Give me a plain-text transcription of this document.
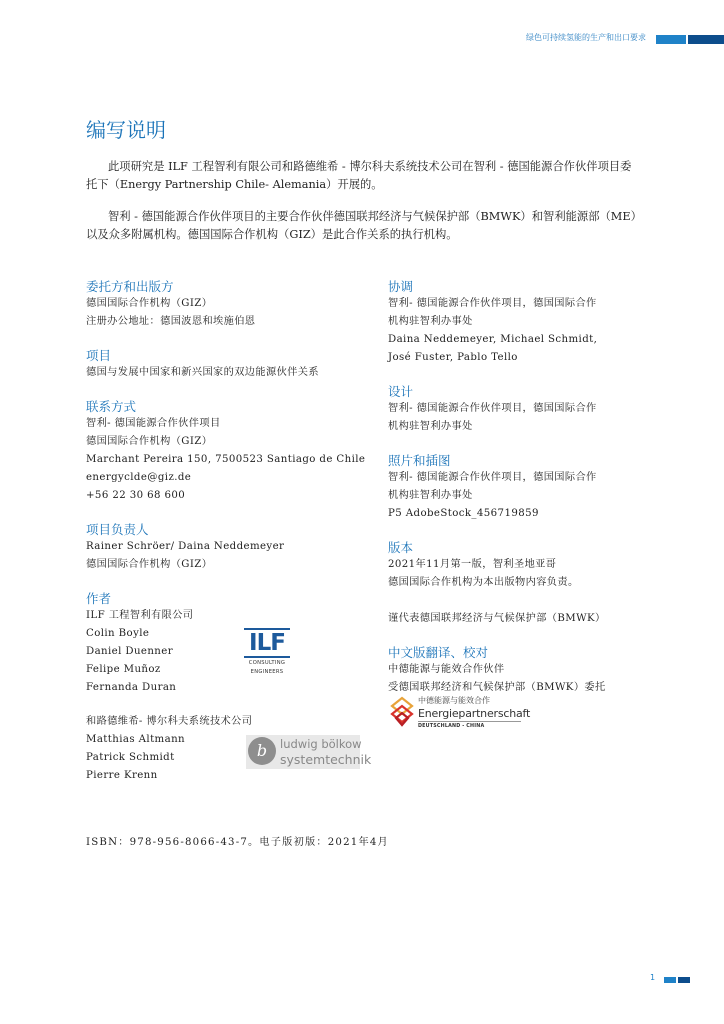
绿色可持续氢能的生产和出口要求
编写说明

此项研究是 ILF 工程智利有限公司和路德维希 - 博尔科夫系统技术公司在智利 - 德国能源合作伙伴项目委托下（Energy Partnership Chile- Alemania）开展的。

智利 - 德国能源合作伙伴项目的主要合作伙伴德国联邦经济与气候保护部（BMWK）和智利能源部（ME）以及众多附属机构。德国国际合作机构（GIZ）是此合作关系的执行机构。

委托方和出版方
德国国际合作机构（GIZ）
注册办公地址：德国波恩和埃施伯恩
项目
德国与发展中国家和新兴国家的双边能源伙伴关系
联系方式
智利- 德国能源合作伙伴项目
德国国际合作机构（GIZ）
Marchant Pereira 150, 7500523 Santiago de Chile
energyclde@giz.de
+56 22 30 68 600
项目负责人
Rainer Schröer/ Daina Neddemeyer
德国国际合作机构（GIZ）
作者
ILF 工程智利有限公司
Colin Boyle
Daniel Duenner
Felipe Muñoz
Fernanda Duran
和路德维希- 博尔科夫系统技术公司
Matthias Altmann
Patrick Schmidt
Pierre Krenn
协调
智利- 德国能源合作伙伴项目，德国国际合作
机构驻智利办事处
Daina Neddemeyer, Michael Schmidt,
José Fuster, Pablo Tello
设计
智利- 德国能源合作伙伴项目，德国国际合作
机构驻智利办事处
照片和插图
智利- 德国能源合作伙伴项目，德国国际合作
机构驻智利办事处
P5 AdobeStock_456719859
版本
2021年11月第一版，智利圣地亚哥
德国国际合作机构为本出版物内容负责。
谨代表德国联邦经济与气候保护部（BMWK）
中文版翻译、校对
中德能源与能效合作伙伴
受德国联邦经济和气候保护部（BMWK）委托
ILF
CONSULTING
ENGINEERS
b	ludwig bölkow
systemtechnik
中德能源与能效合作
Energiepartnerschaft
DEUTSCHLAND - CHINA

ISBN：978-956-8066-43-7。电子版初版：2021年4月

1
